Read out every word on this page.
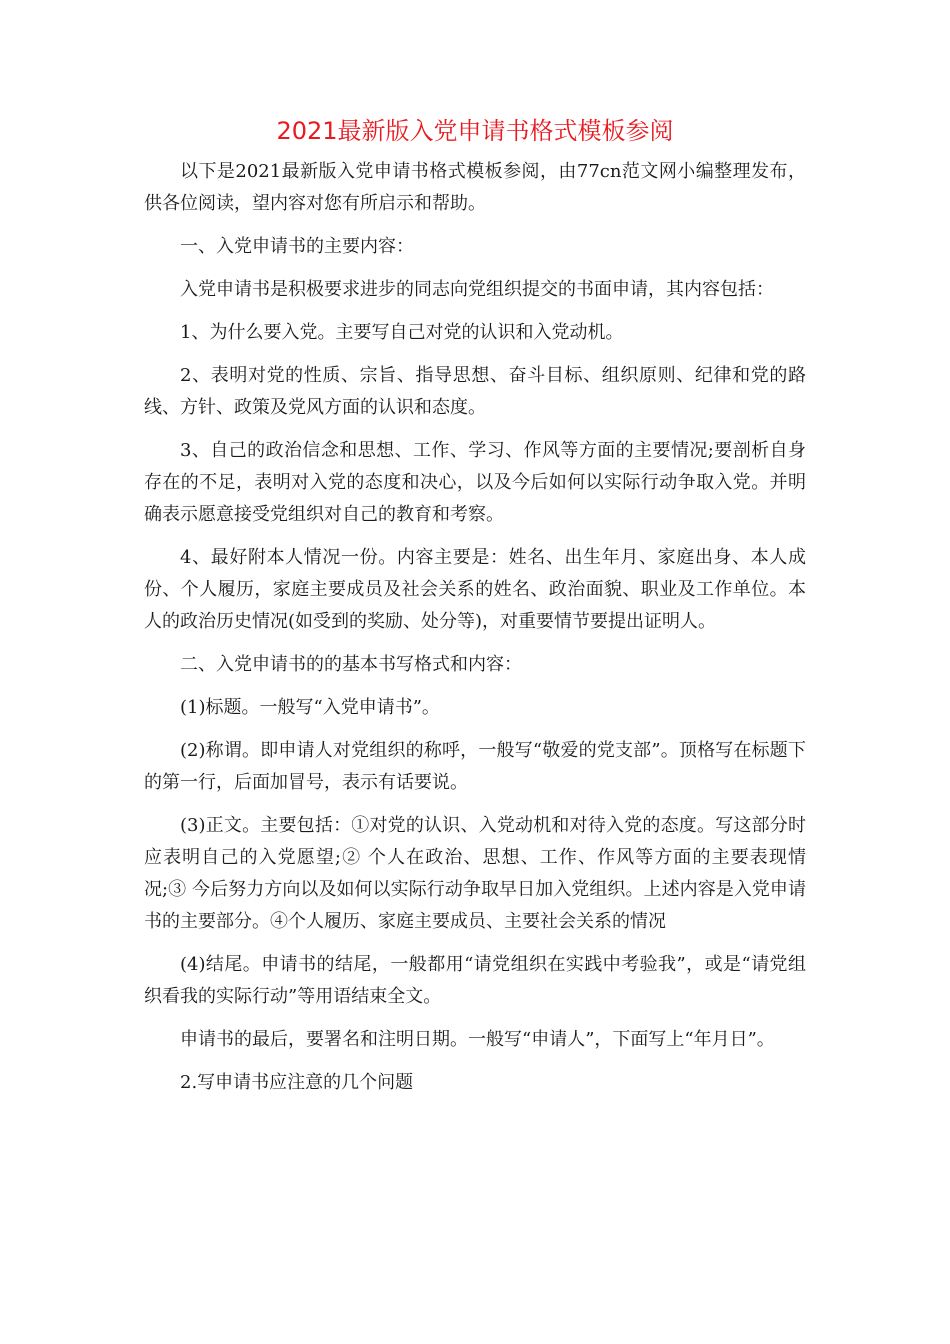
2021最新版入党申请书格式模板参阅

以下是2021最新版入党申请书格式模板参阅，由77cn范文网小编整理发布，供各位阅读，望内容对您有所启示和帮助。

一、入党申请书的主要内容：

入党申请书是积极要求进步的同志向党组织提交的书面申请，其内容包括：

1、为什么要入党。主要写自己对党的认识和入党动机。

2、表明对党的性质、宗旨、指导思想、奋斗目标、组织原则、纪律和党的路线、方针、政策及党风方面的认识和态度。

3、自己的政治信念和思想、工作、学习、作风等方面的主要情况;要剖析自身存在的不足，表明对入党的态度和决心，以及今后如何以实际行动争取入党。并明确表示愿意接受党组织对自己的教育和考察。

4、最好附本人情况一份。内容主要是：姓名、出生年月、家庭出身、本人成份、个人履历，家庭主要成员及社会关系的姓名、政治面貌、职业及工作单位。本人的政治历史情况(如受到的奖励、处分等)，对重要情节要提出证明人。

二、入党申请书的的基本书写格式和内容：

(1)标题。一般写“入党申请书”。

(2)称谓。即申请人对党组织的称呼，一般写“敬爱的党支部”。顶格写在标题下的第一行，后面加冒号，表示有话要说。

(3)正文。主要包括：①对党的认识、入党动机和对待入党的态度。写这部分时应表明自己的入党愿望;② 个人在政治、思想、工作、作风等方面的主要表现情况;③ 今后努力方向以及如何以实际行动争取早日加入党组织。上述内容是入党申请书的主要部分。④个人履历、家庭主要成员、主要社会关系的情况

(4)结尾。申请书的结尾，一般都用“请党组织在实践中考验我”，或是“请党组织看我的实际行动”等用语结束全文。

申请书的最后，要署名和注明日期。一般写“申请人”，下面写上“年月日”。

2.写申请书应注意的几个问题
